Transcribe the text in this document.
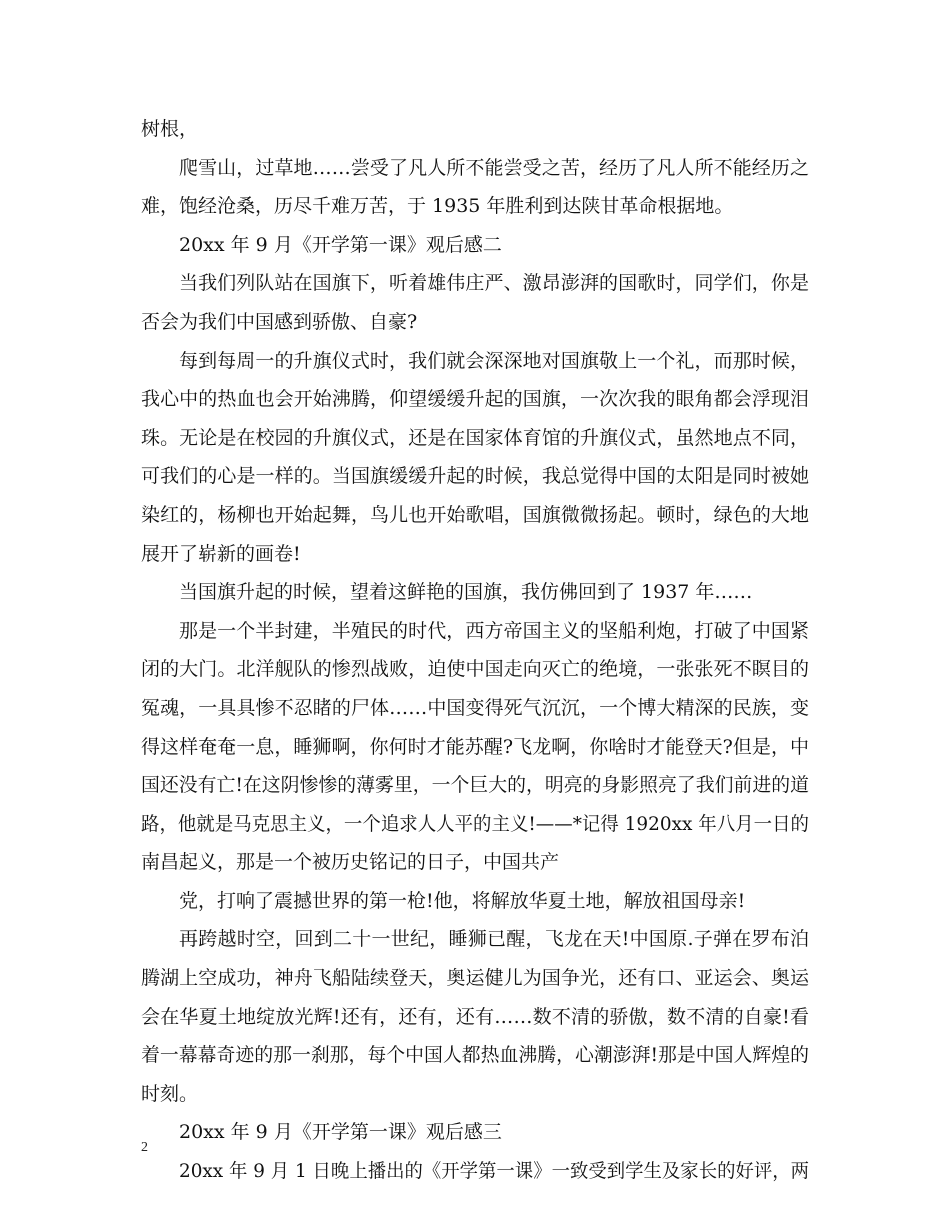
树根，
爬雪山，过草地……尝受了凡人所不能尝受之苦，经历了凡人所不能经历之
难，饱经沧桑，历尽千难万苦，于 1935 年胜利到达陕甘革命根据地。
20xx 年 9 月《开学第一课》观后感二
当我们列队站在国旗下，听着雄伟庄严、激昂澎湃的国歌时，同学们，你是
否会为我们中国感到骄傲、自豪?
每到每周一的升旗仪式时，我们就会深深地对国旗敬上一个礼，而那时候，
我心中的热血也会开始沸腾，仰望缓缓升起的国旗，一次次我的眼角都会浮现泪
珠。无论是在校园的升旗仪式，还是在国家体育馆的升旗仪式，虽然地点不同，
可我们的心是一样的。当国旗缓缓升起的时候，我总觉得中国的太阳是同时被她
染红的，杨柳也开始起舞，鸟儿也开始歌唱，国旗微微扬起。顿时，绿色的大地
展开了崭新的画卷!
当国旗升起的时候，望着这鲜艳的国旗，我仿佛回到了 1937 年……
那是一个半封建，半殖民的时代，西方帝国主义的坚船利炮，打破了中国紧
闭的大门。北洋舰队的惨烈战败，迫使中国走向灭亡的绝境，一张张死不瞑目的
冤魂，一具具惨不忍睹的尸体……中国变得死气沉沉，一个博大精深的民族，变
得这样奄奄一息，睡狮啊，你何时才能苏醒?飞龙啊，你啥时才能登天?但是，中
国还没有亡!在这阴惨惨的薄雾里，一个巨大的，明亮的身影照亮了我们前进的道
路，他就是马克思主义，一个追求人人平的主义!——*记得 1920xx 年八月一日的
南昌起义，那是一个被历史铭记的日子，中国共产
党，打响了震撼世界的第一枪!他，将解放华夏土地，解放祖国母亲!
再跨越时空，回到二十一世纪，睡狮已醒，飞龙在天!中国原.子弹在罗布泊
腾湖上空成功，神舟飞船陆续登天，奥运健儿为国争光，还有口、亚运会、奥运
会在华夏土地绽放光辉!还有，还有，还有……数不清的骄傲，数不清的自豪!看
着一幕幕奇迹的那一刹那，每个中国人都热血沸腾，心潮澎湃!那是中国人辉煌的
时刻。
20xx 年 9 月《开学第一课》观后感三
20xx 年 9 月 1 日晚上播出的《开学第一课》一致受到学生及家长的好评，两
2
